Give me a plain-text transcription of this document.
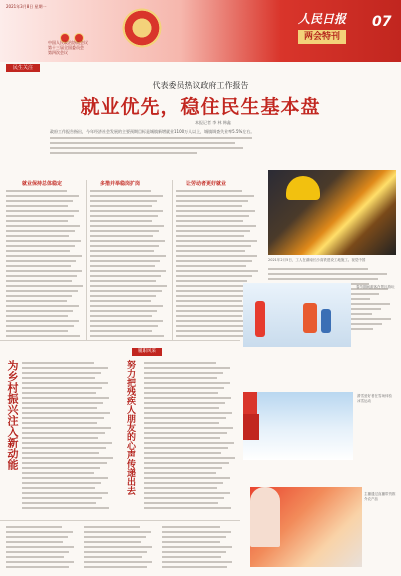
2021年3月8日 星期一
中国人民政治协商会议
第十三届全国委员会
第四次会议
人民日报
两会特刊
07
民生关注
代表委员热议政府工作报告
就业优先，稳住民生基本盘
本报记者 李 林 韩鑫
政府工作报告指出，今年经济社会发展的主要预期目标是城镇新增就业1100万人以上，城镇调查失业率5.5%左右。
就业保持总体稳定	多措并举稳岗扩岗	让劳动者更好就业
2021年2月5日，工人在湖南长沙高铁建设工地施工。视觉中国
履职风采
为乡村振兴注入新动能	努力把残疾人朋友的心声传递出去
春节期间游客在景区游玩
滑雪爱好者在雪场体验冰雪运动
主播通过直播带货推介农产品
